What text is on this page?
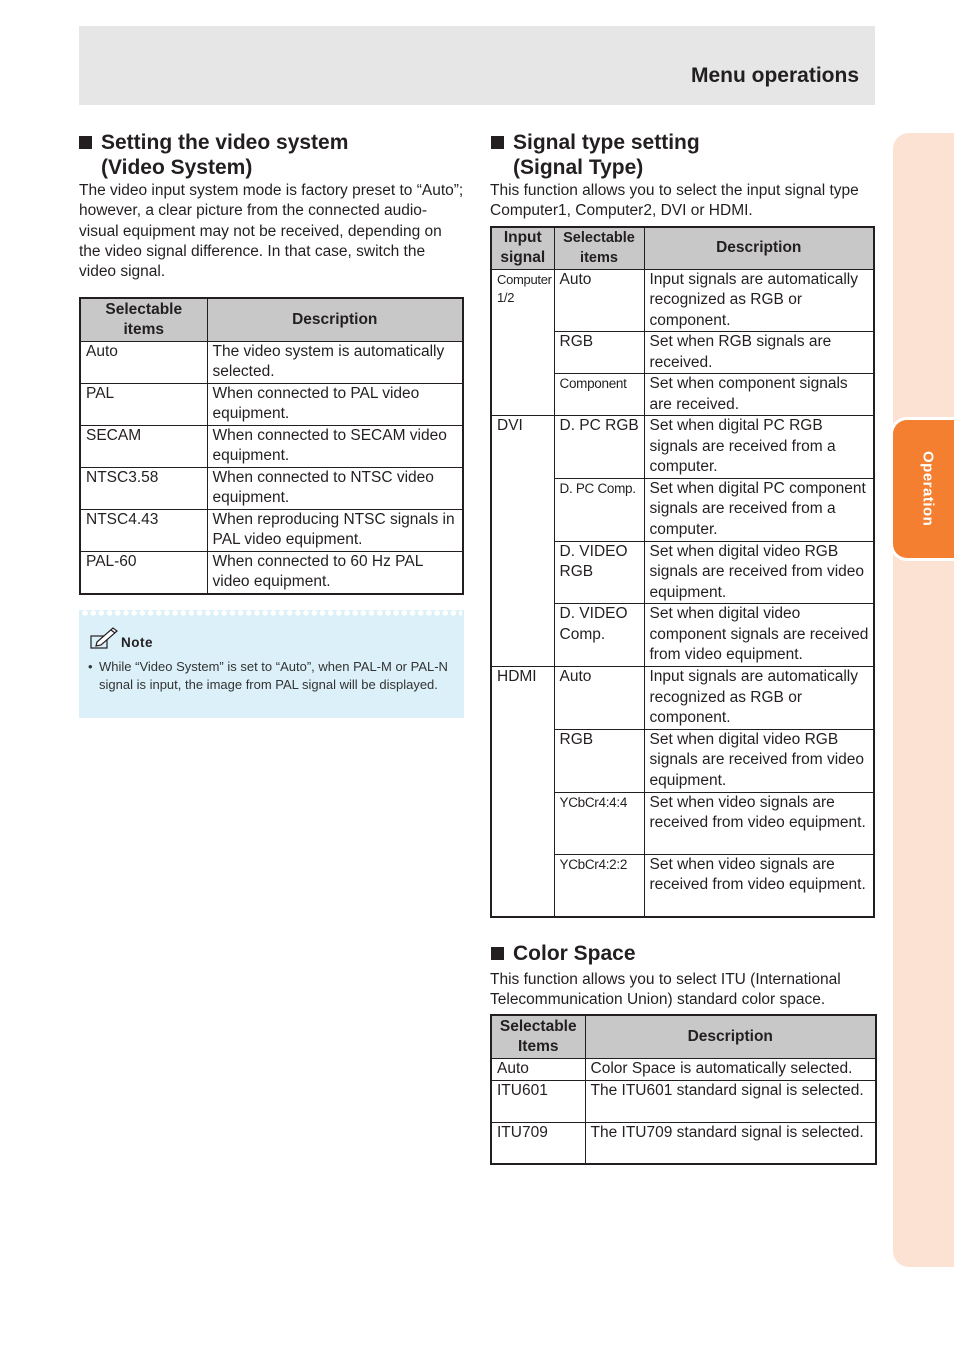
Menu operations
Operation
Setting the video system
(Video System)
The video input system mode is factory preset to “Auto”; however, a clear picture from the connected audio-visual equipment may not be received, depending on the video signal difference. In that case, switch the video signal.
Selectable items	Description
Auto	The video system is automatically selected.
PAL	When connected to PAL video equipment.
SECAM	When connected to SECAM video equipment.
NTSC3.58	When connected to NTSC video equipment.
NTSC4.43	When reproducing NTSC signals in PAL video equipment.
PAL-60	When connected to 60 Hz PAL video equipment.
Note
• While “Video System” is set to “Auto”, when PAL-M or PAL-N signal is input, the image from PAL signal will be displayed.
Signal type setting
(Signal Type)
This function allows you to select the input signal type Computer1, Computer2, DVI or HDMI.
Input signal	Selectable items	Description
Computer 1/2	Auto	Input signals are automatically recognized as RGB or component.
	RGB	Set when RGB signals are received.
	Component	Set when component signals are received.
DVI	D. PC RGB	Set when digital PC RGB signals are received from a computer.
	D. PC Comp.	Set when digital PC component signals are received from a computer.
	D. VIDEO RGB	Set when digital video RGB signals are received from video equipment.
	D. VIDEO Comp.	Set when digital video component signals are received from video equipment.
HDMI	Auto	Input signals are automatically recognized as RGB or component.
	RGB	Set when digital video RGB signals are received from video equipment.
	YCbCr4:4:4	Set when video signals are received from video equipment.
	YCbCr4:2:2	Set when video signals are received from video equipment.
Color Space
This function allows you to select ITU (International Telecommunication Union) standard color space.
Selectable Items	Description
Auto	Color Space is automatically selected.
ITU601	The ITU601 standard signal is selected.
ITU709	The ITU709 standard signal is selected.
